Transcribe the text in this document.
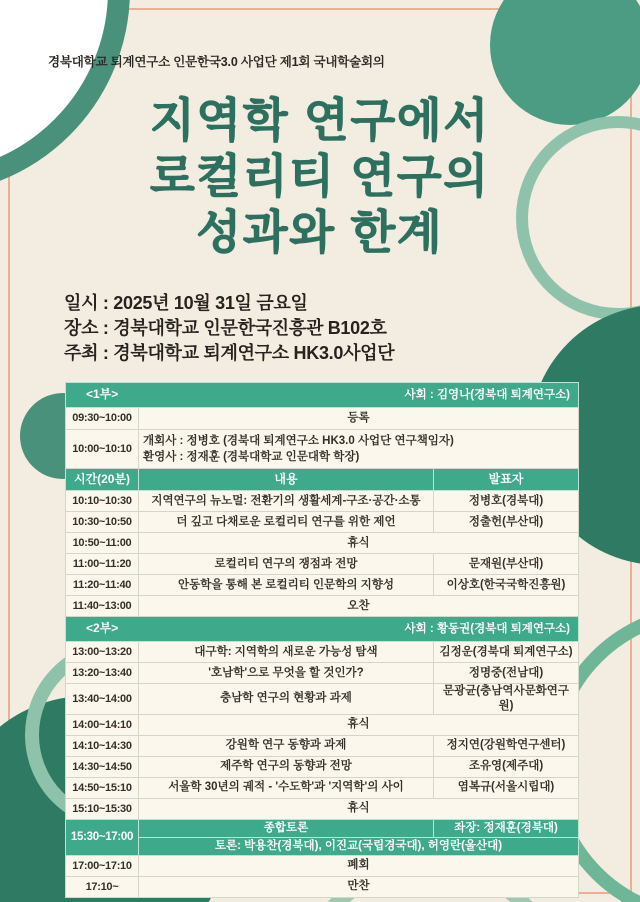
경북대학교 퇴계연구소 인문한국3.0 사업단 제1회 국내학술회의
지역학 연구에서
로컬리티 연구의
성과와 한계
일시 : 2025년 10월 31일 금요일
장소 : 경북대학교 인문한국진흥관 B102호
주최 : 경북대학교 퇴계연구소 HK3.0사업단
<1부> 사회 : 김영나(경북대 퇴계연구소)		

09:30~10:00	등록	
10:00~10:10	개회사 : 정병호 (경북대 퇴계연구소 HK3.0 사업단 연구책임자)
환영사 : 정재훈 (경북대학교 인문대학 학장)	

시간(20분)	내용	발표자
10:10~10:30	지역연구의 뉴노멀: 전환기의 생활세계-구조·공간·소통	정병호(경북대)
10:30~10:50	더 깊고 다채로운 로컬리티 연구를 위한 제언	정출헌(부산대)
10:50~11:00	휴식	
11:00~11:20	로컬리티 연구의 쟁점과 전망	문재원(부산대)
11:20~11:40	안동학을 통해 본 로컬리티 인문학의 지향성	이상호(한국국학진흥원)
11:40~13:00	오찬	

<2부> 사회 : 황동권(경북대 퇴계연구소)		

13:00~13:20	대구학: 지역학의 새로운 가능성 탐색	김정운(경북대 퇴계연구소)
13:20~13:40	'호남학'으로 무엇을 할 것인가?	정명중(전남대)
13:40~14:00	충남학 연구의 현황과 과제	문광균(충남역사문화연구원)
14:00~14:10	휴식	
14:10~14:30	강원학 연구 동향과 과제	정지연(강원학연구센터)
14:30~14:50	제주학 연구의 동향과 전망	조유영(제주대)
14:50~15:10	서울학 30년의 궤적 - '수도학'과 '지역학'의 사이	염복규(서울시립대)
15:10~15:30	휴식	
15:30~17:00	종합토론	좌장: 정재훈(경북대)
	토론: 박용찬(경북대), 이진교(국립경국대), 허영란(울산대)	
17:00~17:10	폐회	
17:10~	만찬	
